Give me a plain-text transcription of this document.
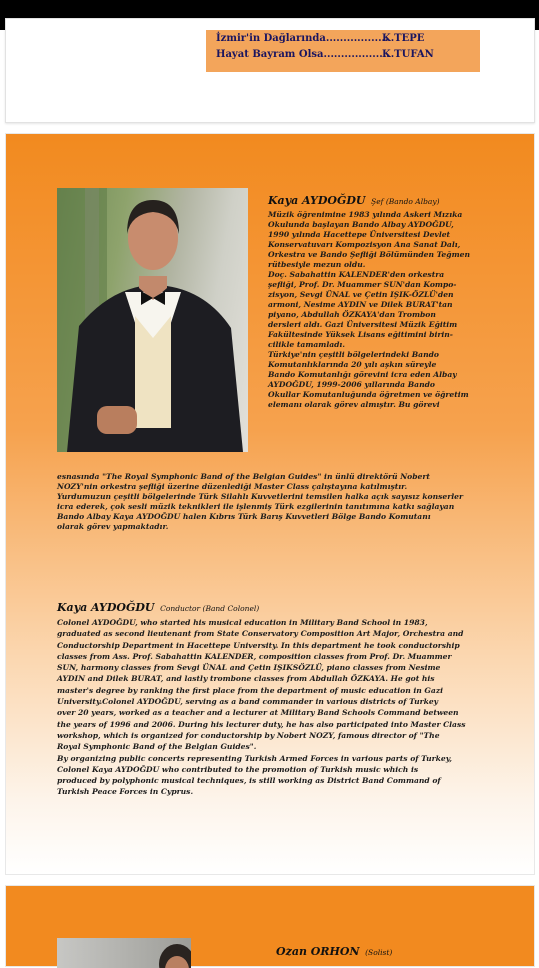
İzmir'in Dağlarında..................K.TEPE
Hayat Bayram Olsa...................K.TUFAN
Kaya AYDOĞDU Şef (Bando Albay)

Müzik öğrenimine 1983 yılında Askeri Mızıka

Okulunda başlayan Bando Albay AYDOĞDU,

1990 yılında Hacettepe Üniversitesi Devlet

Konservatuvarı Kompozisyon Ana Sanat Dalı,

Orkestra ve Bando Şefliği Bölümünden Teğmen

rütbesiyle mezun oldu.

Doç. Sabahattin KALENDER'den orkestra

şefliği, Prof. Dr. Muammer SUN'dan Kompo-

zisyon, Sevgi ÜNAL ve Çetin IŞIK-ÖZLÜ'den

armoni, Nesime AYDIN ve Dilek BURAT'tan

piyano, Abdullah ÖZKAYA'dan Trombon

dersleri aldı. Gazi Üniversitesi Müzik Eğitim

Fakültesinde Yüksek Lisans eğitimini birin-

cilikle tamamladı.

Türkiye'nin çeşitli bölgelerindeki Bando

Komutanlıklarında 20 yılı aşkın süreyle

Bando Komutanlığı görevini icra eden Albay

AYDOĞDU, 1999-2006 yıllarında Bando

Okullar Komutanluğunda öğretmen ve öğretim

elemanı olarak görev almıştır. Bu görevi

esnasında "The Royal Symphonic Band of the Belgian Guides" in ünlü direktörü Nobert

NOZY'nin orkestra şefliği üzerine düzenlediği Master Class çalıştayına katılmıştır.

Yurdumuzun çeşitli bölgelerinde Türk Silahlı Kuvvetlerini temsilen halka açık sayısız konserler

icra ederek, çok sesli müzik teknikleri ile işlenmiş Türk ezgilerinin tanıtımına katkı sağlayan

Bando Albay Kaya AYDOĞDU halen Kıbrıs Türk Barış Kuvvetleri Bölge Bando Komutanı

olarak görev yapmaktadır.

Kaya AYDOĞDU Conductor (Band Colonel)

Colonel AYDOĞDU, who started his musical education in Military Band School in 1983,

graduated as second lieutenant from State Conservatory Composition Art Major, Orchestra and

Conductorship Department in Hacettepe University. In this department he took conductorship

classes from Ass. Prof. Sabahattin KALENDER, composition classes from Prof. Dr. Muammer

SUN, harmony classes from Sevgi ÜNAL and Çetin IŞIKSÖZLÜ, piano classes from Nesime

AYDIN and Dilek BURAT, and lastly trombone classes from Abdullah ÖZKAYA. He got his

master's degree by ranking the first place from the department of music education in Gazi

University.Colonel AYDOĞDU, serving as a band commander in various districts of Turkey

over 20 years, worked as a teacher and a lecturer at Military Band Schools Command between

the years of 1996 and 2006. During his lecturer duty, he has also participated into Master Class

workshop, which is organized for conductorship by Nobert NOZY, famous director of "The

Royal Symphonic Band of the Belgian Guides".

By organizing public concerts representing Turkish Armed Forces in various parts of Turkey,

Colonel Kaya AYDOĞDU who contributed to the promotion of Turkish music which is

produced by polyphonic musical techniques, is still working as District Band Command of

Turkish Peace Forces in Cyprus.

Ozan ORHON (Solist)
